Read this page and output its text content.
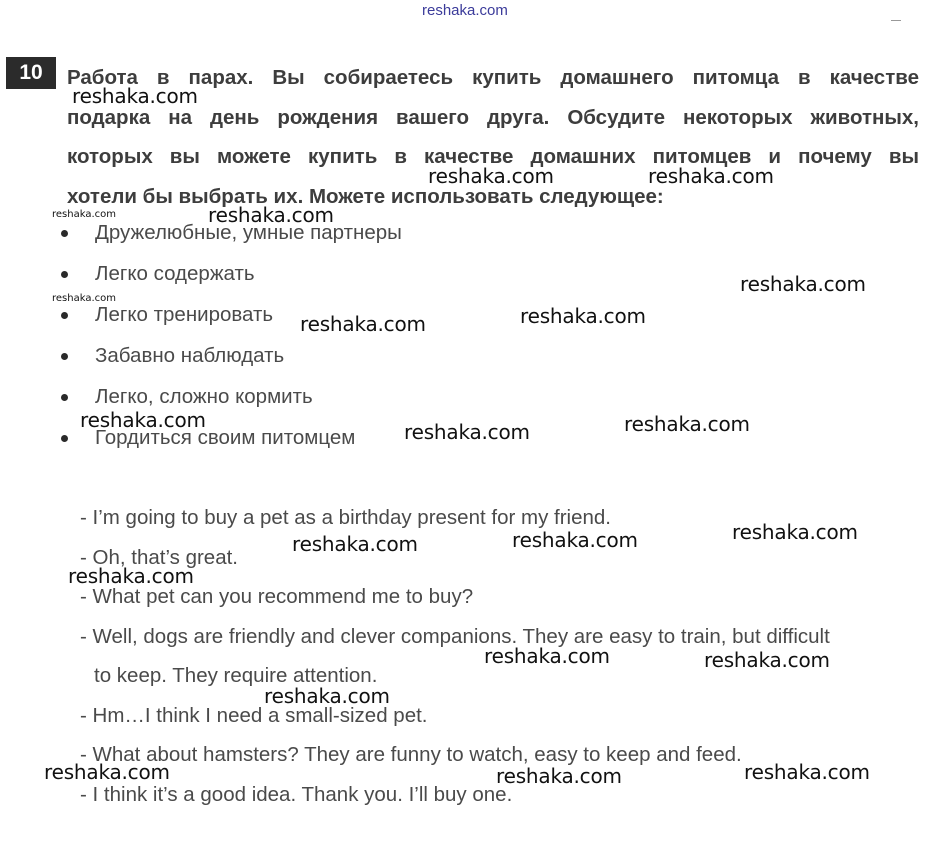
reshaka.com
10	Работа в парах. Вы собираетесь купить домашнего питомца в качестве
подарка на день рождения вашего друга. Обсудите некоторых животных,
которых вы можете купить в качестве домашних питомцев и почему вы
хотели бы выбрать их. Можете использовать следующее:
Дружелюбные, умные партнеры
Легко содержать
Легко тренировать
Забавно наблюдать
Легко, сложно кормить
Гордиться своим питомцем
- I’m going to buy a pet as a birthday present for my friend.
- Oh, that’s great.
- What pet can you recommend me to buy?
- Well, dogs are friendly and clever companions. They are easy to train, but difficult
to keep. They require attention.
- Hm…I think I need a small-sized pet.
- What about hamsters? They are funny to watch, easy to keep and feed.
- I think it’s a good idea. Thank you. I’ll buy one.
reshaka.com
reshaka.com	reshaka.com
reshaka.com	reshaka.com
reshaka.com
reshaka.com
reshaka.com
reshaka.com
reshaka.com	reshaka.com
reshaka.com
reshaka.com
reshaka.com
reshaka.com
reshaka.com
reshaka.com	reshaka.com
reshaka.com
reshaka.com	reshaka.com
reshaka.com
